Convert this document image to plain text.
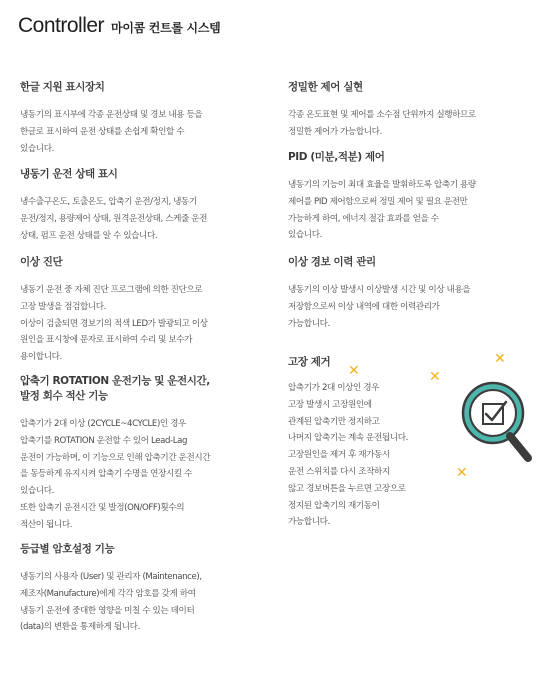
Controller 마이콤 컨트롤 시스템
한글 지원 표시장치

냉동기의 표시부에 각종 운전상태 및 경보 내용 등을
한글로 표시하여 운전 상태를 손쉽게 확인할 수
있습니다.

냉동기 운전 상태 표시

냉수출구온도, 토출온도, 압축기 운전/정지, 냉동기
운전/정지, 용량제어 상태, 원격운전상태, 스케줄 운전
상태, 펌프 운전 상태를 알 수 있습니다.

이상 진단

냉동기 운전 중 자체 진단 프로그램에 의한 진단으로
고장 발생을 점검합니다.
이상이 검출되면 경보기의 적색 LED가 발광되고 이상
원인을 표시창에 문자로 표시하여 수리 및 보수가
용이합니다.

압축기 ROTATION 운전기능 및 운전시간,
발정 회수 적산 기능

압축기가 2대 이상 (2CYCLE~4CYCLE)인 경우
압축기를 ROTATION 운전할 수 있어 Lead-Lag
운전이 가능하며, 이 기능으로 인해 압축기간 운전시간
을 동등하게 유지시켜 압축기 수명을 연장시킬 수
있습니다.
또한 압축기 운전시간 및 발정(ON/OFF)횟수의
적산이 됩니다.

등급별 암호설정 기능

냉동기의 사용자 (User) 및 관리자 (Maintenance),
제조자(Manufacture)에게 각각 암호를 갖게 하여
냉동기 운전에 중대한 영향을 미칠 수 있는 데이터
(data)의 변환을 통제하게 됩니다.

정밀한 제어 실현

각종 온도표현 및 제어를 소수점 단위까지 실행하므로
정밀한 제어가 가능합니다.

PID (미분,적분) 제어

냉동기의 기능이 최대 효율을 발휘하도록 압축기 용량
제어를 PID 제어함으로써 정밀 제어 및 필요 운전만
가능하게 하여, 에너지 절감 효과를 얻을 수
있습니다.

이상 경보 이력 관리

냉동기의 이상 발생시 이상발생 시간 및 이상 내용을
저장함으로써 이상 내역에 대한 이력관리가
가능합니다.

고장 제거

압축기가 2대 이상인 경우
고장 발생시 고장원인에
관계된 압축기만 정지하고
나머지 압축기는 계속 운전됩니다.
고장원인을 제거 후 재가동시
운전 스위치를 다시 조작하지
않고 경보버튼을 누르면 고장으로
정지된 압축기의 재기동이
가능합니다.

✕
✕
✕
✕
